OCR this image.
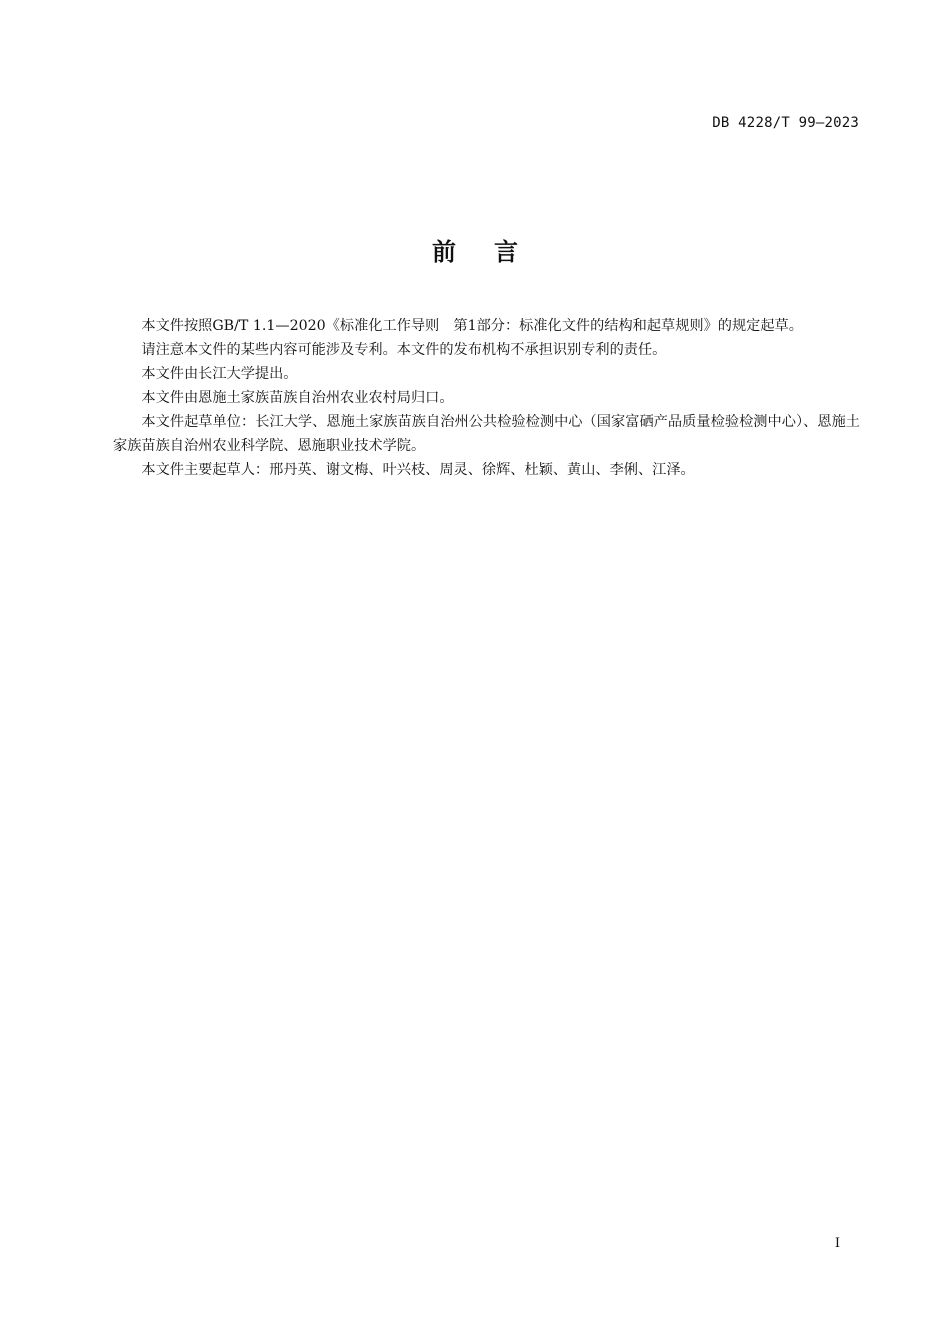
DB 4228/T 99—2023
前言

本文件按照GB/T 1.1—2020《标准化工作导则　第1部分：标准化文件的结构和起草规则》的规定起草。

请注意本文件的某些内容可能涉及专利。本文件的发布机构不承担识别专利的责任。

本文件由长江大学提出。

本文件由恩施土家族苗族自治州农业农村局归口。

本文件起草单位：长江大学、恩施土家族苗族自治州公共检验检测中心（国家富硒产品质量检验检测中心）、恩施土家族苗族自治州农业科学院、恩施职业技术学院。

本文件主要起草人：邢丹英、谢文梅、叶兴枝、周灵、徐辉、杜颖、黄山、李俐、江泽。

I
